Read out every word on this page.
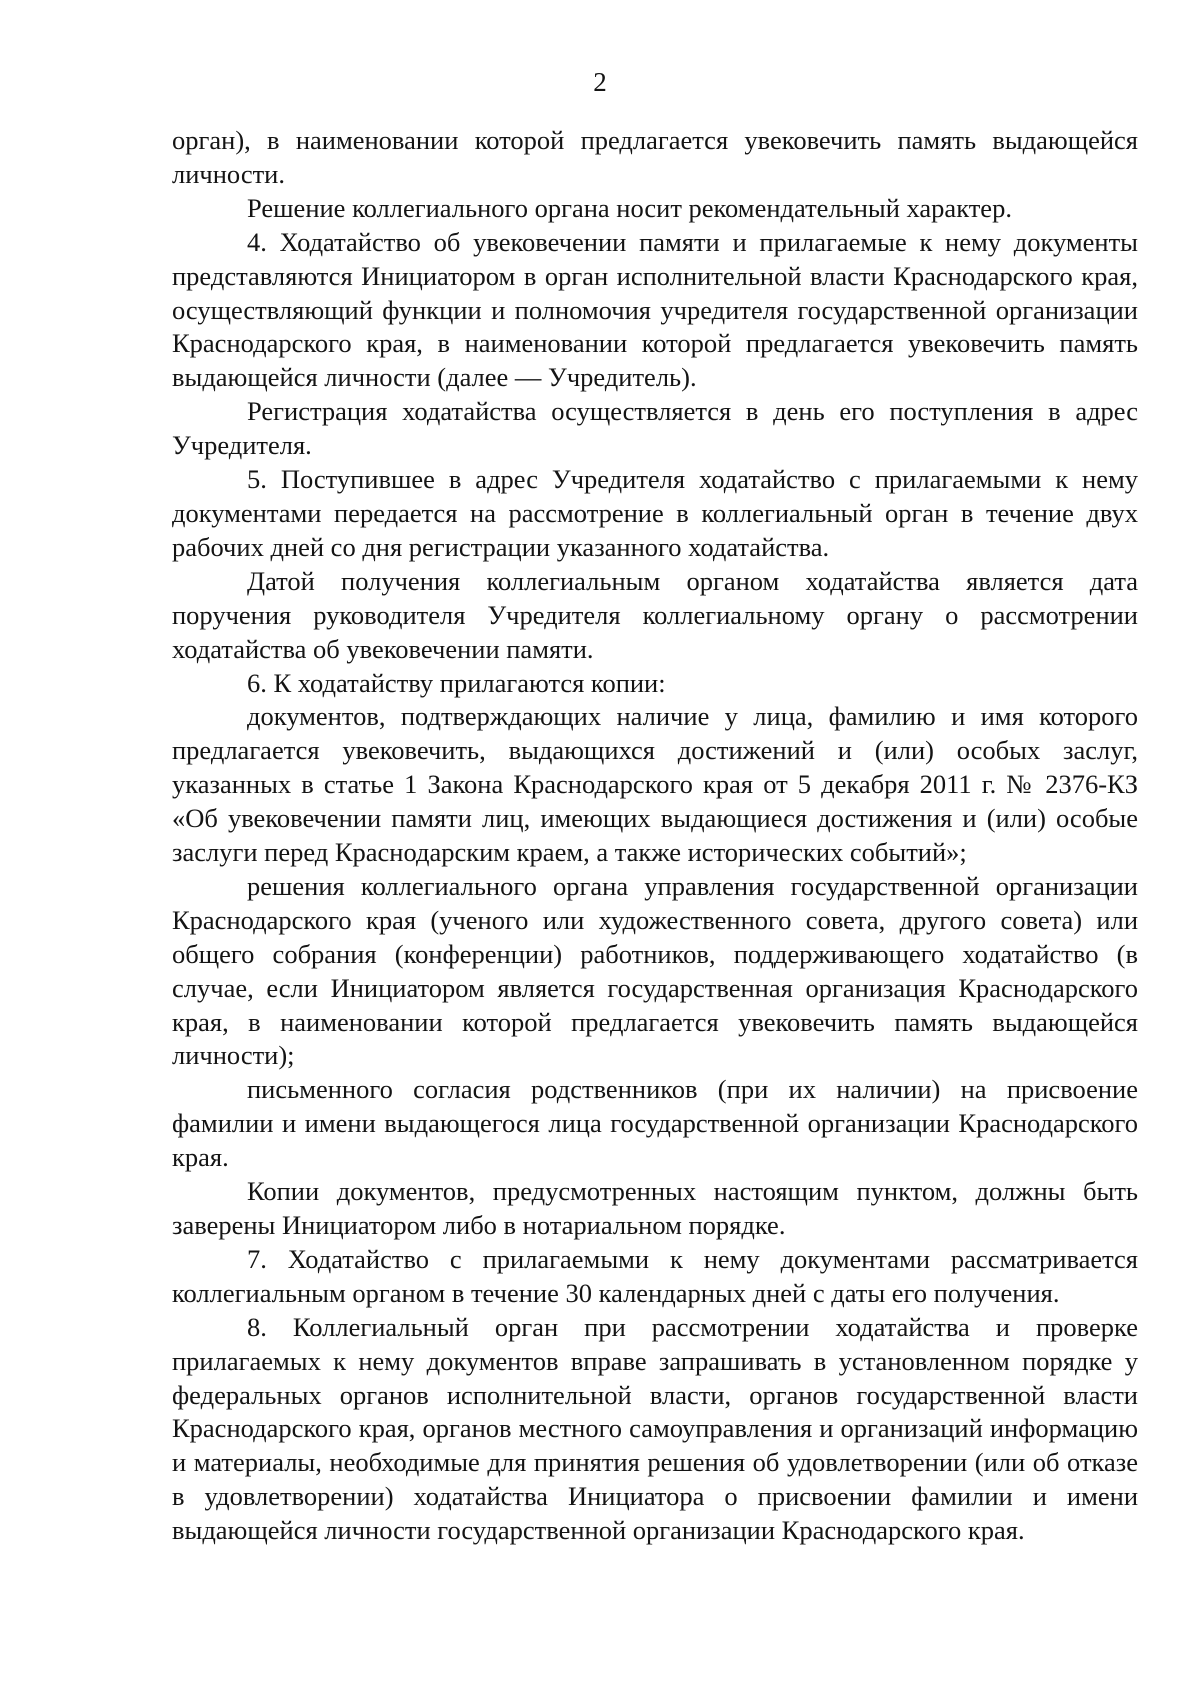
2

орган), в наименовании которой предлагается увековечить память выдающейся личности.

Решение коллегиального органа носит рекомендательный характер.

4. Ходатайство об увековечении памяти и прилагаемые к нему документы представляются Инициатором в орган исполнительной власти Краснодарского края, осуществляющий функции и полномочия учредителя государственной организации Краснодарского края, в наименовании которой предлагается увековечить память выдающейся личности (далее — Учредитель).

Регистрация ходатайства осуществляется в день его поступления в адрес Учредителя.

5. Поступившее в адрес Учредителя ходатайство с прилагаемыми к нему документами передается на рассмотрение в коллегиальный орган в течение двух рабочих дней со дня регистрации указанного ходатайства.

Датой получения коллегиальным органом ходатайства является дата поручения руководителя Учредителя коллегиальному органу о рассмотрении ходатайства об увековечении памяти.

6. К ходатайству прилагаются копии:

документов, подтверждающих наличие у лица, фамилию и имя которого предлагается увековечить, выдающихся достижений и (или) особых заслуг, указанных в статье 1 Закона Краснодарского края от 5 декабря 2011 г. № 2376-КЗ «Об увековечении памяти лиц, имеющих выдающиеся достижения и (или) особые заслуги перед Краснодарским краем, а также исторических событий»;

решения коллегиального органа управления государственной организации Краснодарского края (ученого или художественного совета, другого совета) или общего собрания (конференции) работников, поддерживающего ходатайство (в случае, если Инициатором является государственная организация Краснодарского края, в наименовании которой предлагается увековечить память выдающейся личности);

письменного согласия родственников (при их наличии) на присвоение фамилии и имени выдающегося лица государственной организации Краснодарского края.

Копии документов, предусмотренных настоящим пунктом, должны быть заверены Инициатором либо в нотариальном порядке.

7. Ходатайство с прилагаемыми к нему документами рассматривается коллегиальным органом в течение 30 календарных дней с даты его получения.

8. Коллегиальный орган при рассмотрении ходатайства и проверке прилагаемых к нему документов вправе запрашивать в установленном порядке у федеральных органов исполнительной власти, органов государственной власти Краснодарского края, органов местного самоуправления и организаций информацию и материалы, необходимые для принятия решения об удовлетворении (или об отказе в удовлетворении) ходатайства Инициатора о присвоении фамилии и имени выдающейся личности государственной организации Краснодарского края.
